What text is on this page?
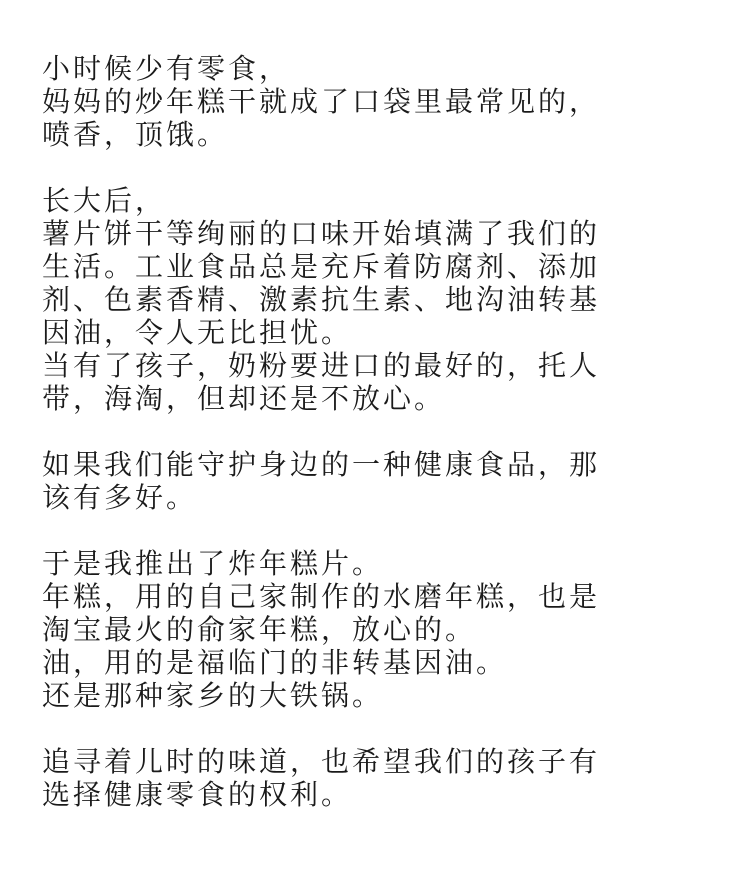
小时候少有零食，
妈妈的炒年糕干就成了口袋里最常见的，
喷香，顶饿。
长大后，
薯片饼干等绚丽的口味开始填满了我们的
生活。工业食品总是充斥着防腐剂、添加
剂、色素香精、激素抗生素、地沟油转基
因油，令人无比担忧。
当有了孩子，奶粉要进口的最好的，托人
带，海淘，但却还是不放心。
如果我们能守护身边的一种健康食品，那
该有多好。
于是我推出了炸年糕片。
年糕，用的自己家制作的水磨年糕，也是
淘宝最火的俞家年糕，放心的。
油，用的是福临门的非转基因油。
还是那种家乡的大铁锅。
追寻着儿时的味道，也希望我们的孩子有
选择健康零食的权利。
